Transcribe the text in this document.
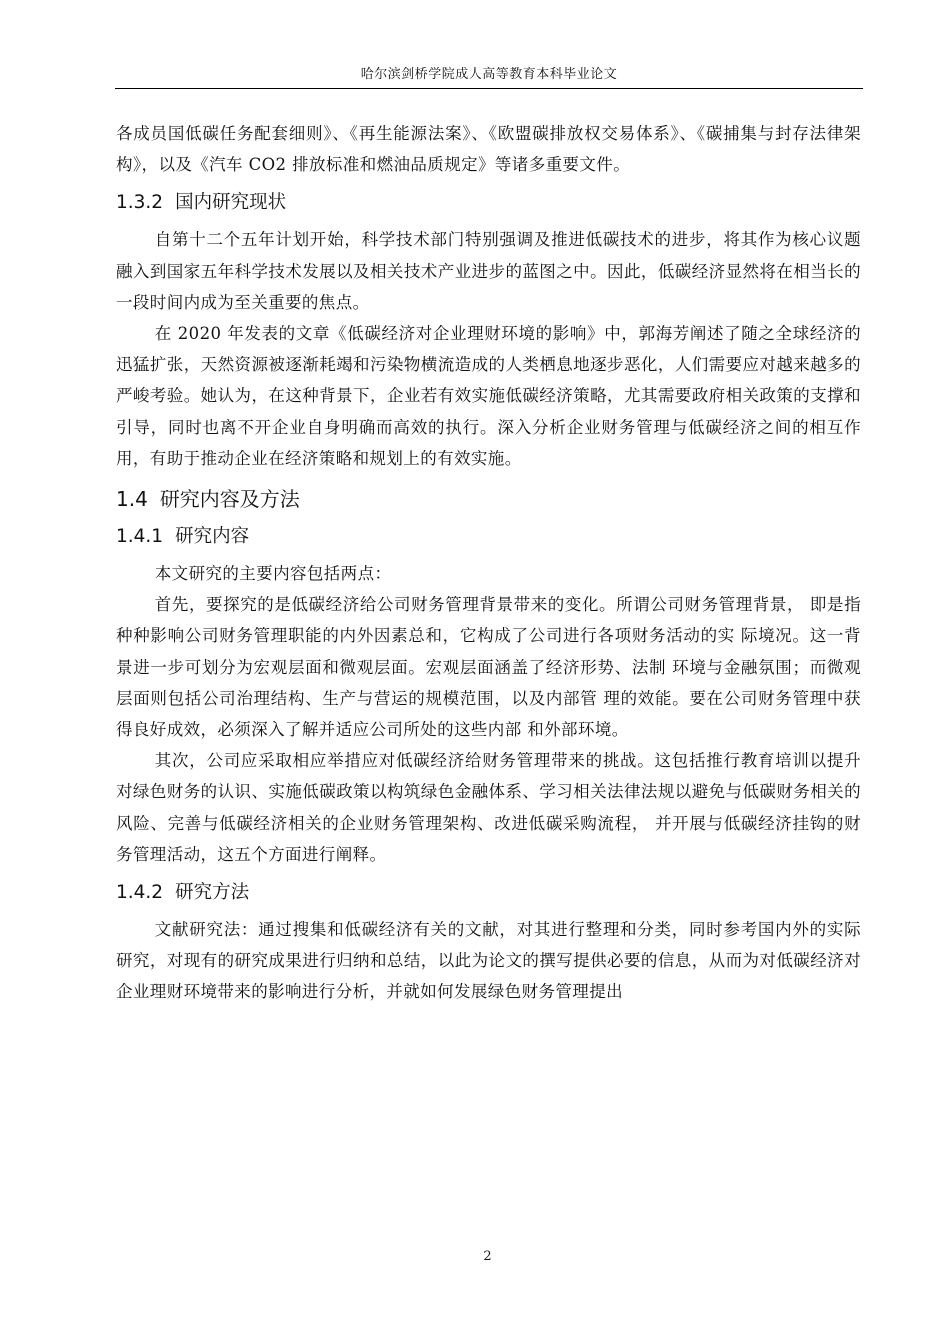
哈尔滨剑桥学院成人高等教育本科毕业论文

各成员国低碳任务配套细则》、《再生能源法案》、《欧盟碳排放权交易体系》、《碳捕集与封存法律架构》，以及《汽车 CO2 排放标准和燃油品质规定》等诸多重要文件。

1.3.2 国内研究现状

自第十二个五年计划开始，科学技术部门特别强调及推进低碳技术的进步，将其作为核心议题融入到国家五年科学技术发展以及相关技术产业进步的蓝图之中。因此，低碳经济显然将在相当长的一段时间内成为至关重要的焦点。

在 2020 年发表的文章《低碳经济对企业理财环境的影响》中，郭海芳阐述了随之全球经济的迅猛扩张，天然资源被逐渐耗竭和污染物横流造成的人类栖息地逐步恶化，人们需要应对越来越多的严峻考验。她认为，在这种背景下，企业若有效实施低碳经济策略，尤其需要政府相关政策的支撑和引导，同时也离不开企业自身明确而高效的执行。深入分析企业财务管理与低碳经济之间的相互作用，有助于推动企业在经济策略和规划上的有效实施。

1.4 研究内容及方法
1.4.1 研究内容

本文研究的主要内容包括两点：

首先，要探究的是低碳经济给公司财务管理背景带来的变化。所谓公司财务管理背景， 即是指种种影响公司财务管理职能的内外因素总和，它构成了公司进行各项财务活动的实 际境况。这一背景进一步可划分为宏观层面和微观层面。宏观层面涵盖了经济形势、法制 环境与金融氛围；而微观层面则包括公司治理结构、生产与营运的规模范围，以及内部管 理的效能。要在公司财务管理中获得良好成效，必须深入了解并适应公司所处的这些内部 和外部环境。

其次，公司应采取相应举措应对低碳经济给财务管理带来的挑战。这包括推行教育培训以提升对绿色财务的认识、实施低碳政策以构筑绿色金融体系、学习相关法律法规以避免与低碳财务相关的风险、完善与低碳经济相关的企业财务管理架构、改进低碳采购流程， 并开展与低碳经济挂钩的财务管理活动，这五个方面进行阐释。

1.4.2 研究方法

文献研究法：通过搜集和低碳经济有关的文献，对其进行整理和分类，同时参考国内外的实际研究，对现有的研究成果进行归纳和总结，以此为论文的撰写提供必要的信息，从而为对低碳经济对企业理财环境带来的影响进行分析，并就如何发展绿色财务管理提出

2
